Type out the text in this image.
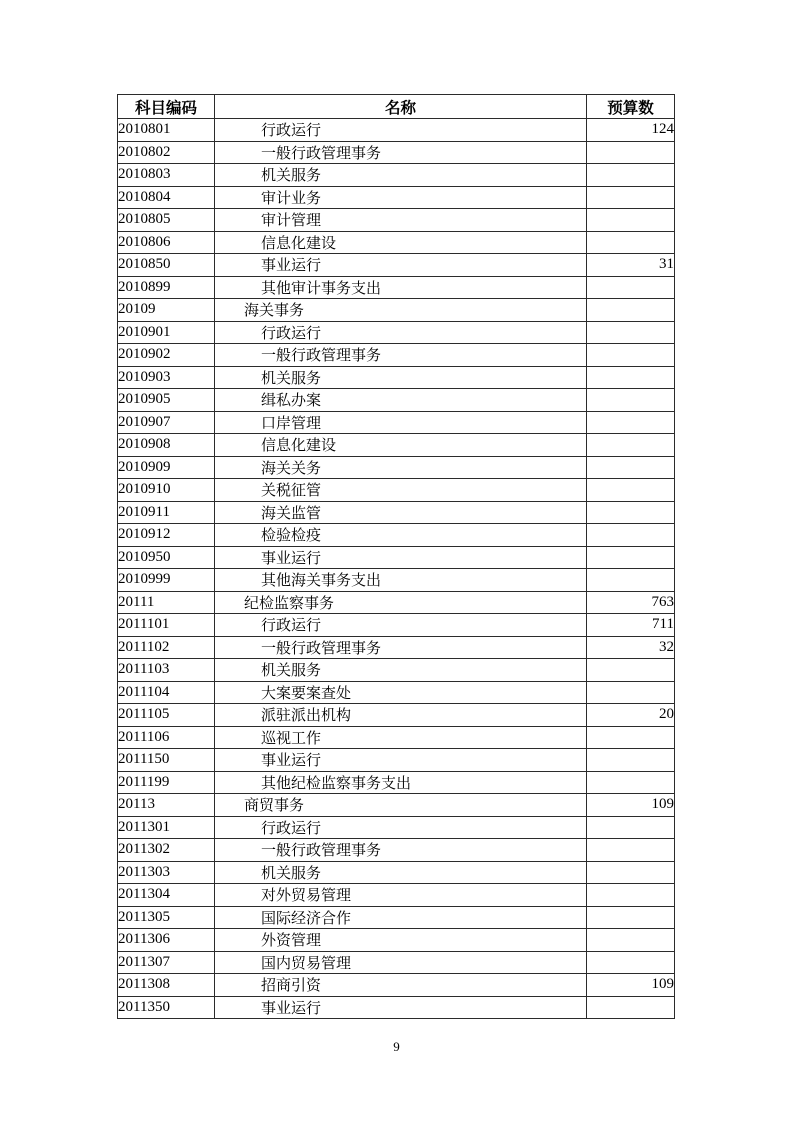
科目编码	名称	预算数
2010801	行政运行	124
2010802	一般行政管理事务	
2010803	机关服务	
2010804	审计业务	
2010805	审计管理	
2010806	信息化建设	
2010850	事业运行	31
2010899	其他审计事务支出	
20109	海关事务	
2010901	行政运行	
2010902	一般行政管理事务	
2010903	机关服务	
2010905	缉私办案	
2010907	口岸管理	
2010908	信息化建设	
2010909	海关关务	
2010910	关税征管	
2010911	海关监管	
2010912	检验检疫	
2010950	事业运行	
2010999	其他海关事务支出	
20111	纪检监察事务	763
2011101	行政运行	711
2011102	一般行政管理事务	32
2011103	机关服务	
2011104	大案要案查处	
2011105	派驻派出机构	20
2011106	巡视工作	
2011150	事业运行	
2011199	其他纪检监察事务支出	
20113	商贸事务	109
2011301	行政运行	
2011302	一般行政管理事务	
2011303	机关服务	
2011304	对外贸易管理	
2011305	国际经济合作	
2011306	外资管理	
2011307	国内贸易管理	
2011308	招商引资	109
2011350	事业运行	
9
